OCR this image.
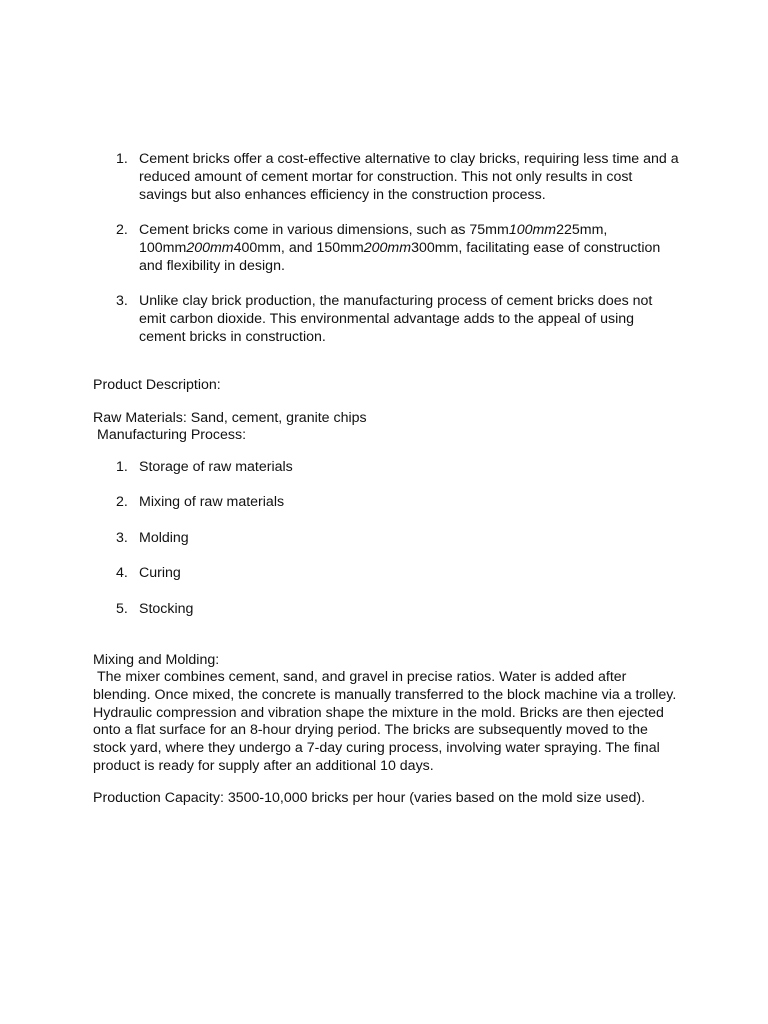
1. Cement bricks offer a cost-effective alternative to clay bricks, requiring less time and a reduced amount of cement mortar for construction. This not only results in cost savings but also enhances efficiency in the construction process.
2. Cement bricks come in various dimensions, such as 75mm100mm225mm, 100mm200mm400mm, and 150mm200mm300mm, facilitating ease of construction and flexibility in design.
3. Unlike clay brick production, the manufacturing process of cement bricks does not emit carbon dioxide. This environmental advantage adds to the appeal of using cement bricks in construction.
Product Description:
Raw Materials: Sand, cement, granite chips
Manufacturing Process:
1. Storage of raw materials
2. Mixing of raw materials
3. Molding
4. Curing
5. Stocking
Mixing and Molding:
The mixer combines cement, sand, and gravel in precise ratios. Water is added after blending. Once mixed, the concrete is manually transferred to the block machine via a trolley. Hydraulic compression and vibration shape the mixture in the mold. Bricks are then ejected onto a flat surface for an 8-hour drying period. The bricks are subsequently moved to the stock yard, where they undergo a 7-day curing process, involving water spraying. The final product is ready for supply after an additional 10 days.
Production Capacity: 3500-10,000 bricks per hour (varies based on the mold size used).
